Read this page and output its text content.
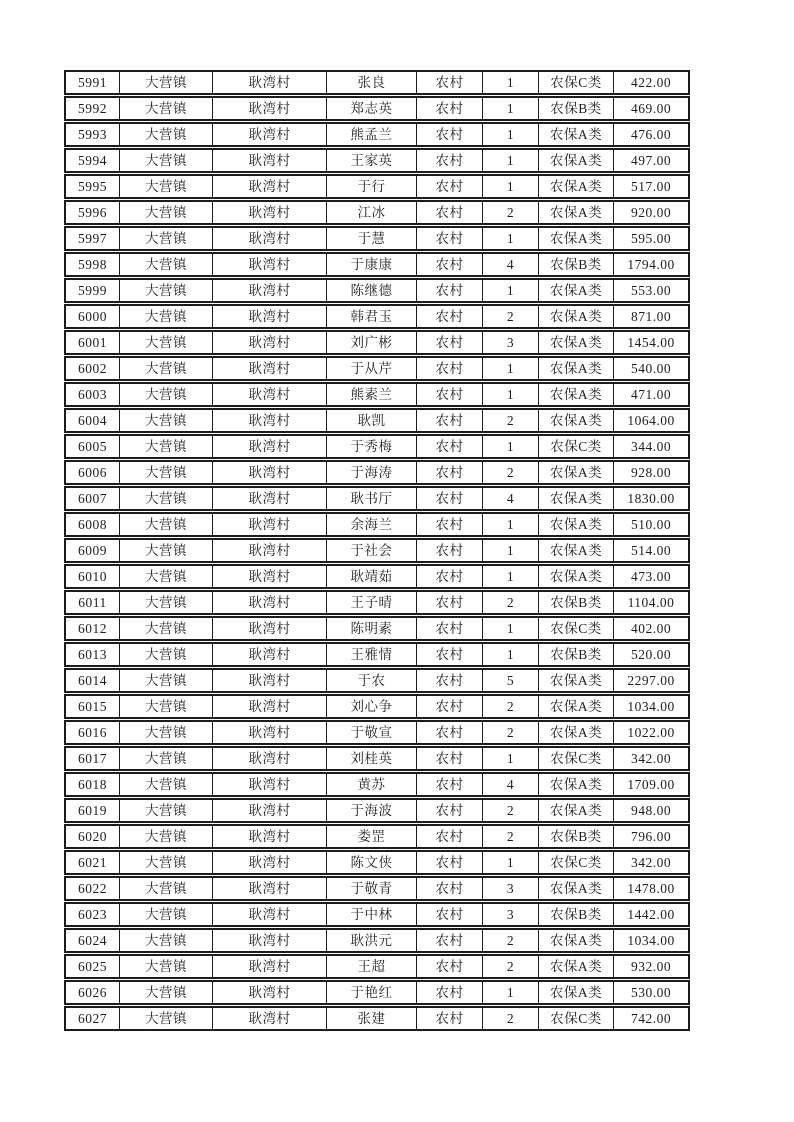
5991	大营镇	耿湾村	张良	农村	1	农保C类	422.00
5992	大营镇	耿湾村	郑志英	农村	1	农保B类	469.00
5993	大营镇	耿湾村	熊孟兰	农村	1	农保A类	476.00
5994	大营镇	耿湾村	王家英	农村	1	农保A类	497.00
5995	大营镇	耿湾村	于行	农村	1	农保A类	517.00
5996	大营镇	耿湾村	江冰	农村	2	农保A类	920.00
5997	大营镇	耿湾村	于慧	农村	1	农保A类	595.00
5998	大营镇	耿湾村	于康康	农村	4	农保B类	1794.00
5999	大营镇	耿湾村	陈继德	农村	1	农保A类	553.00
6000	大营镇	耿湾村	韩君玉	农村	2	农保A类	871.00
6001	大营镇	耿湾村	刘广彬	农村	3	农保A类	1454.00
6002	大营镇	耿湾村	于从芹	农村	1	农保A类	540.00
6003	大营镇	耿湾村	熊素兰	农村	1	农保A类	471.00
6004	大营镇	耿湾村	耿凯	农村	2	农保A类	1064.00
6005	大营镇	耿湾村	于秀梅	农村	1	农保C类	344.00
6006	大营镇	耿湾村	于海涛	农村	2	农保A类	928.00
6007	大营镇	耿湾村	耿书厅	农村	4	农保A类	1830.00
6008	大营镇	耿湾村	余海兰	农村	1	农保A类	510.00
6009	大营镇	耿湾村	于社会	农村	1	农保A类	514.00
6010	大营镇	耿湾村	耿靖茹	农村	1	农保A类	473.00
6011	大营镇	耿湾村	王子晴	农村	2	农保B类	1104.00
6012	大营镇	耿湾村	陈明素	农村	1	农保C类	402.00
6013	大营镇	耿湾村	王雅情	农村	1	农保B类	520.00
6014	大营镇	耿湾村	于农	农村	5	农保A类	2297.00
6015	大营镇	耿湾村	刘心争	农村	2	农保A类	1034.00
6016	大营镇	耿湾村	于敬宣	农村	2	农保A类	1022.00
6017	大营镇	耿湾村	刘桂英	农村	1	农保C类	342.00
6018	大营镇	耿湾村	黄苏	农村	4	农保A类	1709.00
6019	大营镇	耿湾村	于海波	农村	2	农保A类	948.00
6020	大营镇	耿湾村	娄罡	农村	2	农保B类	796.00
6021	大营镇	耿湾村	陈文侠	农村	1	农保C类	342.00
6022	大营镇	耿湾村	于敬青	农村	3	农保A类	1478.00
6023	大营镇	耿湾村	于中林	农村	3	农保B类	1442.00
6024	大营镇	耿湾村	耿洪元	农村	2	农保A类	1034.00
6025	大营镇	耿湾村	王超	农村	2	农保A类	932.00
6026	大营镇	耿湾村	于艳红	农村	1	农保A类	530.00
6027	大营镇	耿湾村	张建	农村	2	农保C类	742.00
